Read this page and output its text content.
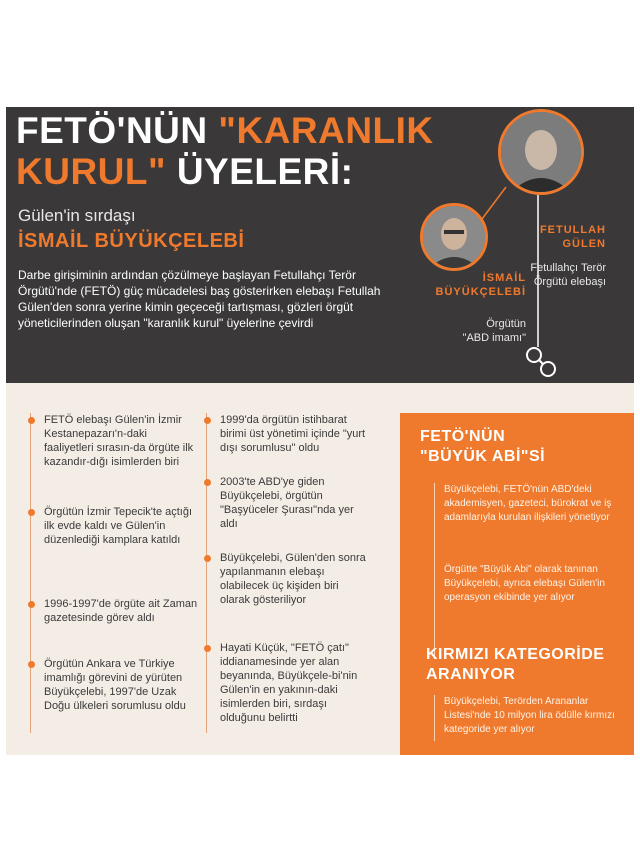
FETÖ'NÜN "KARANLIK
KURUL" ÜYELERİ:
Gülen'in sırdaşı
İSMAİL BÜYÜKÇELEBİ
Darbe girişiminin ardından çözülmeye başlayan Fetullahçı Terör Örgütü'nde (FETÖ) güç mücadelesi baş gösterirken elebaşı Fetullah Gülen'den sonra yerine kimin geçeceği tartışması, gözleri örgüt yöneticilerinden oluşan "karanlık kurul" üyelerine çevirdi
FETULLAH
GÜLEN
Fetullahçı Terör Örgütü elebaşı
İSMAİL
BÜYÜKÇELEBİ
Örgütün
"ABD imamı"
FETÖ elebaşı Gülen'in İzmir Kestanepazarı'n-daki faaliyetleri sırasın-da örgüte ilk kazandır-dığı isimlerden biri
Örgütün İzmir Tepecik'te açtığı ilk evde kaldı ve Gülen'in düzenlediği kamplara katıldı
1996-1997'de örgüte ait Zaman gazetesinde görev aldı
Örgütün Ankara ve Türkiye imamlığı görevini de yürüten Büyükçelebi, 1997'de Uzak Doğu ülkeleri sorumlusu oldu
1999'da örgütün istihbarat birimi üst yönetimi içinde "yurt dışı sorumlusu" oldu
2003'te ABD'ye giden Büyükçelebi, örgütün "Başyüceler Şurası"nda yer aldı
Büyükçelebi, Gülen'den sonra yapılanmanın elebaşı olabilecek üç kişiden biri olarak gösteriliyor
Hayati Küçük, "FETÖ çatı" iddianamesinde yer alan beyanında, Büyükçele-bi'nin Gülen'in en yakının-daki isimlerden biri, sırdaşı olduğunu belirtti
FETÖ'NÜN
"BÜYÜK ABİ"Sİ
Büyükçelebi, FETÖ'nün ABD'deki akademisyen, gazeteci, bürokrat ve iş adamlarıyla kurulan ilişkileri yönetiyor
Örgütte "Büyük Abi" olarak tanınan Büyükçelebi, ayrıca elebaşı Gülen'in operasyon ekibinde yer alıyor
KIRMIZI KATEGORİDE
ARANIYOR
Büyükçelebi, Terörden Arananlar Listesi'nde 10 milyon lira ödülle kırmızı kategoride yer alıyor
